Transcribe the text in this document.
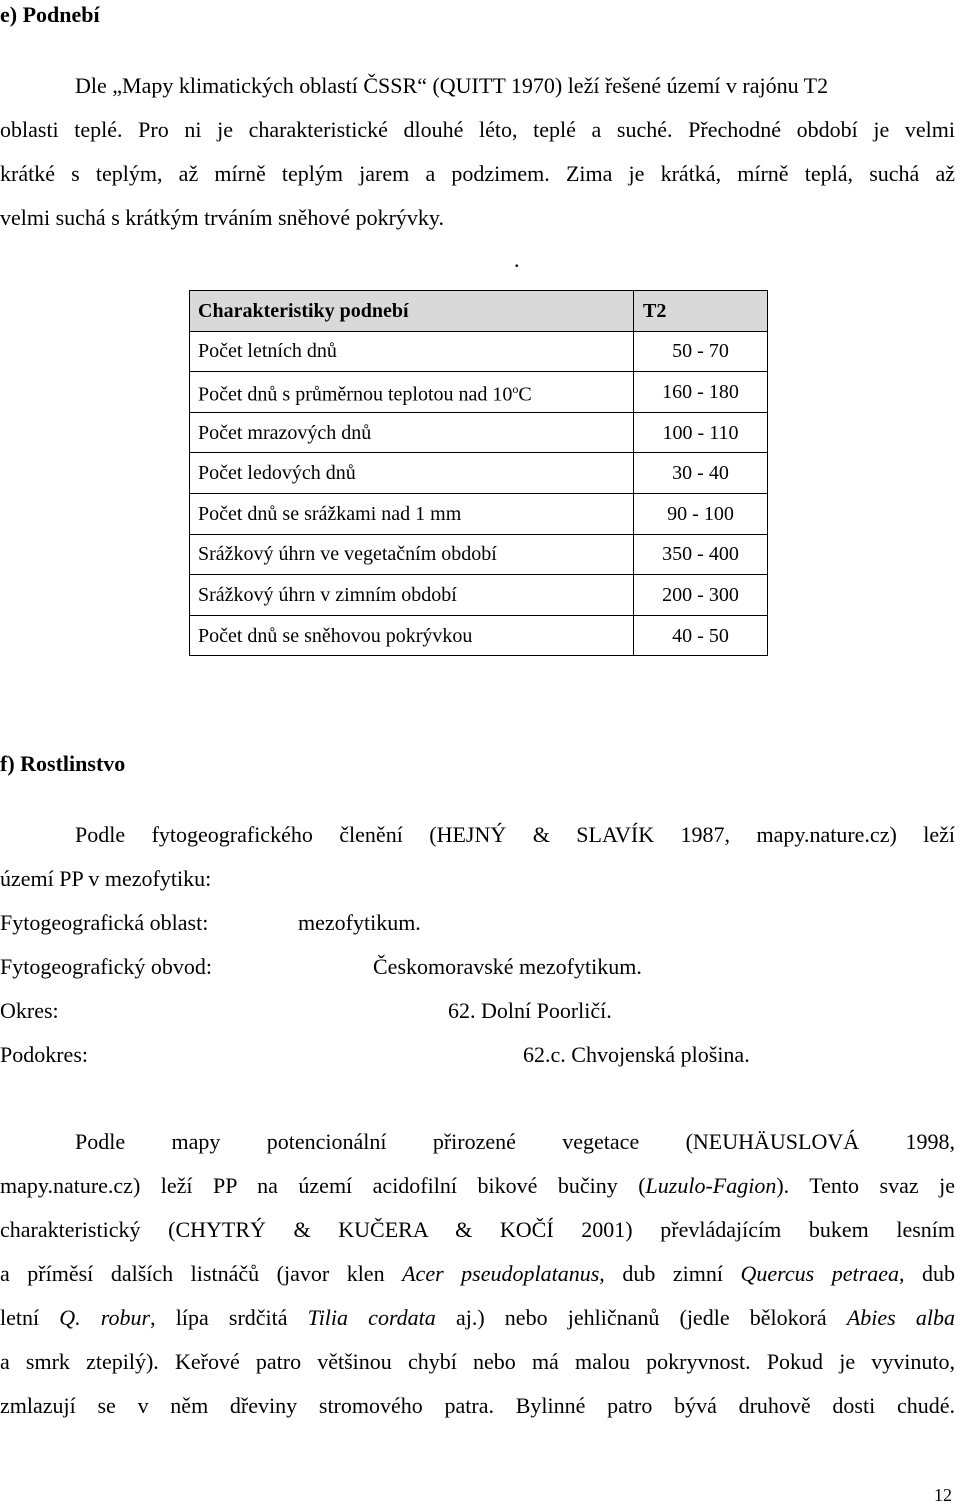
e) Podnebí
Dle „Mapy klimatických oblastí ČSSR“ (QUITT 1970) leží řešené území v rajónu T2
oblasti teplé. Pro ni je charakteristické dlouhé léto, teplé a suché. Přechodné období je velmi
krátké s teplým, až mírně teplým jarem a podzimem. Zima je krátká, mírně teplá, suchá až
velmi suchá s krátkým trváním sněhové pokrývky.
.
Charakteristiky podnebí	T2
Počet letních dnů	50 - 70
Počet dnů s průměrnou teplotou nad 10$^o$C	160 - 180
Počet mrazových dnů	100 - 110
Počet ledových dnů	30 - 40
Počet dnů se srážkami nad 1 mm	90 - 100
Srážkový úhrn ve vegetačním období	350 - 400
Srážkový úhrn v zimním období	200 - 300
Počet dnů se sněhovou pokrývkou	40 - 50
f) Rostlinstvo
Podle fytogeografického členění (HEJNÝ & SLAVÍK 1987, mapy.nature.cz) leží
území PP v mezofytiku:
Fytogeografická oblast:	mezofytikum.
Fytogeografický obvod:	Českomoravské mezofytikum.
Okres:	62. Dolní Poorličí.
Podokres:	62.c. Chvojenská plošina.
Podle mapy potencionální přirozené vegetace (NEUHÄUSLOVÁ 1998,
mapy.nature.cz) leží PP na území acidofilní bikové bučiny (Luzulo-Fagion). Tento svaz je
charakteristický (CHYTRÝ & KUČERA & KOČÍ 2001) převládajícím bukem lesním
a příměsí dalších listnáčů (javor klen Acer pseudoplatanus, dub zimní Quercus petraea, dub
letní Q. robur, lípa srdčitá Tilia cordata aj.) nebo jehličnanů (jedle bělokorá Abies alba
a smrk ztepilý). Keřové patro většinou chybí nebo má malou pokryvnost. Pokud je vyvinuto,
zmlazují se v něm dřeviny stromového patra. Bylinné patro bývá druhově dosti chudé.
12
